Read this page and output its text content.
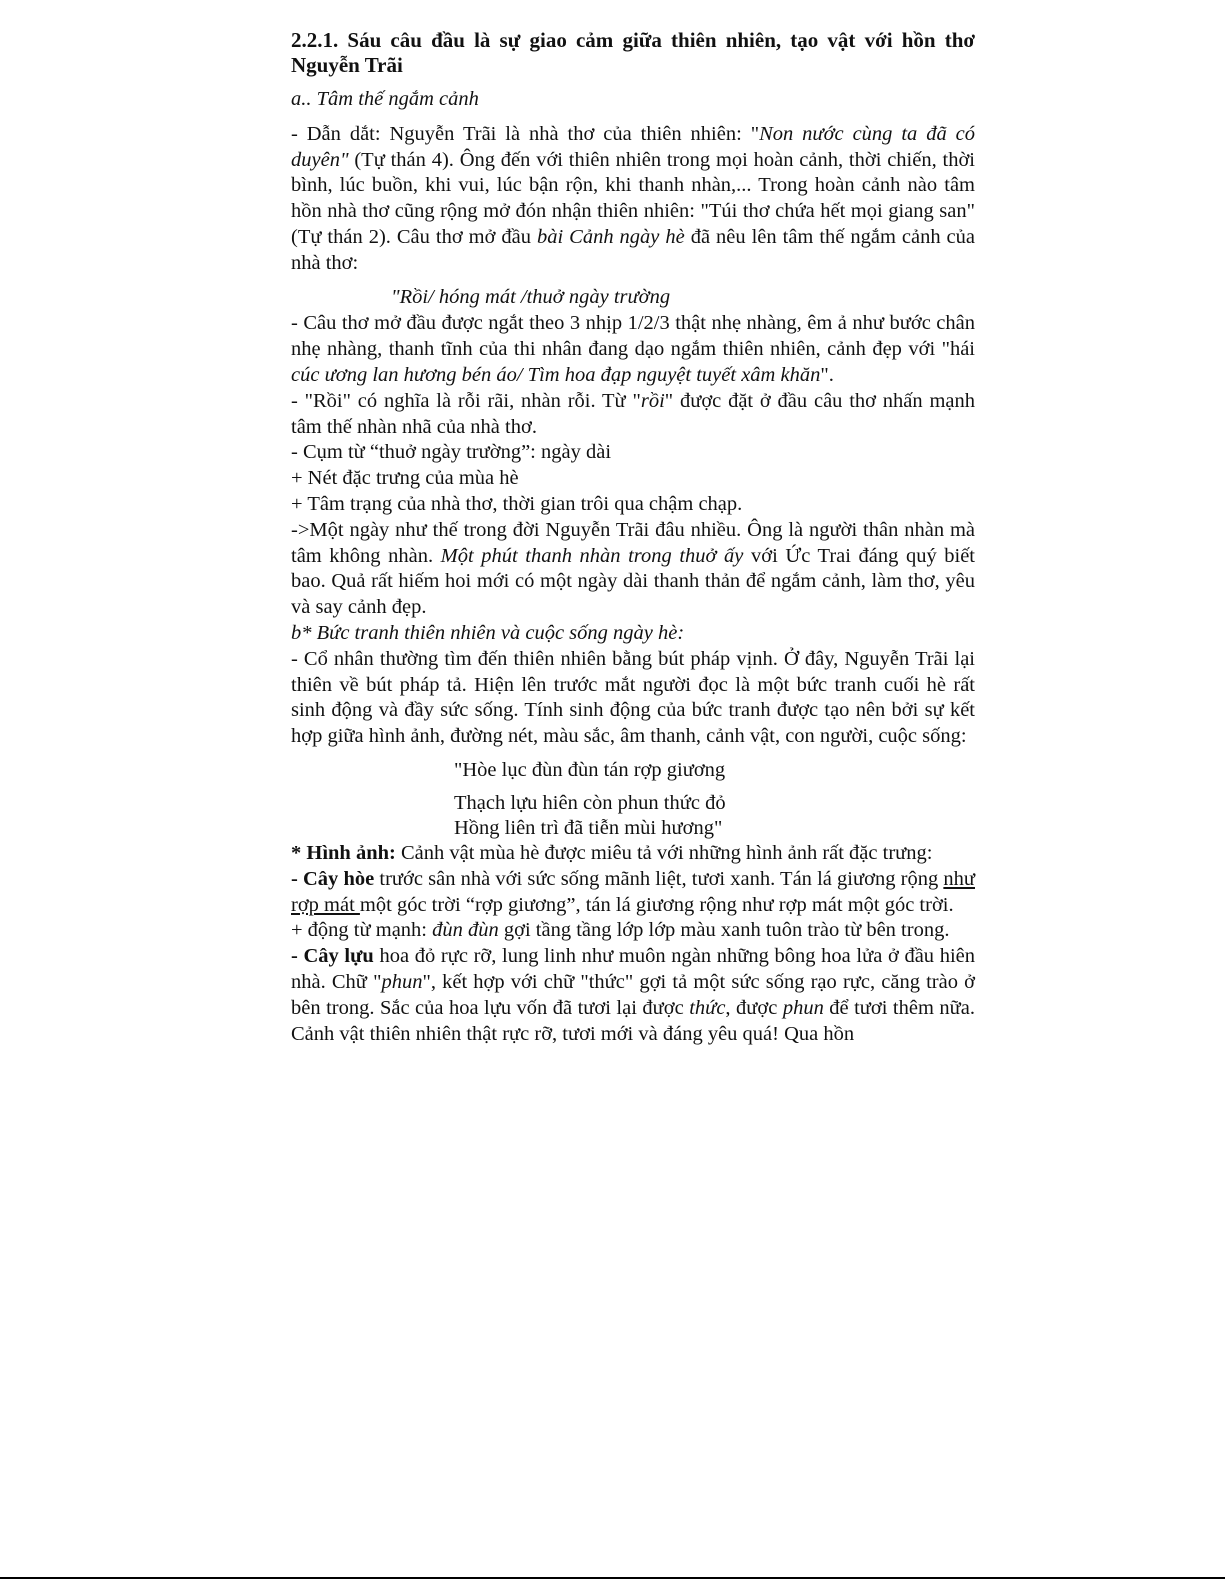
2.2.1. Sáu câu đầu là sự giao cảm giữa thiên nhiên, tạo vật với hồn thơ Nguyễn Trãi

a.. Tâm thế ngắm cảnh

- Dẫn dắt: Nguyễn Trãi là nhà thơ của thiên nhiên: "Non nước cùng ta đã có duyên" (Tự thán 4). Ông đến với thiên nhiên trong mọi hoàn cảnh, thời chiến, thời bình, lúc buồn, khi vui, lúc bận rộn, khi thanh nhàn,... Trong hoàn cảnh nào tâm hồn nhà thơ cũng rộng mở đón nhận thiên nhiên: "Túi thơ chứa hết mọi giang san" (Tự thán 2). Câu thơ mở đầu bài Cảnh ngày hè đã nêu lên tâm thế ngắm cảnh của nhà thơ:

"Rồi/ hóng mát /thuở ngày trường

- Câu thơ mở đầu được ngắt theo 3 nhịp 1/2/3 thật nhẹ nhàng, êm ả như bước chân nhẹ nhàng, thanh tĩnh của thi nhân đang dạo ngắm thiên nhiên, cảnh đẹp với "hái cúc ương lan hương bén áo/ Tìm hoa đạp nguyệt tuyết xâm khăn".

- "Rồi" có nghĩa là rỗi rãi, nhàn rỗi. Từ "rồi" được đặt ở đầu câu thơ nhấn mạnh tâm thế nhàn nhã của nhà thơ.

- Cụm từ “thuở ngày trường”: ngày dài

+ Nét đặc trưng của mùa hè

+ Tâm trạng của nhà thơ, thời gian trôi qua chậm chạp.

->Một ngày như thế trong đời Nguyễn Trãi đâu nhiều. Ông là người thân nhàn mà tâm không nhàn. Một phút thanh nhàn trong thuở ấy với Ức Trai đáng quý biết bao. Quả rất hiếm hoi mới có một ngày dài thanh thản để ngắm cảnh, làm thơ, yêu và say cảnh đẹp.

b* Bức tranh thiên nhiên và cuộc sống ngày hè:

- Cổ nhân thường tìm đến thiên nhiên bằng bút pháp vịnh. Ở đây, Nguyễn Trãi lại thiên về bút pháp tả. Hiện lên trước mắt người đọc là một bức tranh cuối hè rất sinh động và đầy sức sống. Tính sinh động của bức tranh được tạo nên bởi sự kết hợp giữa hình ảnh, đường nét, màu sắc, âm thanh, cảnh vật, con người, cuộc sống:

"Hòe lục đùn đùn tán rợp giương

Thạch lựu hiên còn phun thức đỏ

Hồng liên trì đã tiễn mùi hương"

* Hình ảnh: Cảnh vật mùa hè được miêu tả với những hình ảnh rất đặc trưng:

- Cây hòe trước sân nhà với sức sống mãnh liệt, tươi xanh. Tán lá giương rộng như rợp mát một góc trời “rợp giương”, tán lá giương rộng như rợp mát một góc trời.

+ động từ mạnh: đùn đùn gợi tầng tầng lớp lớp màu xanh tuôn trào từ bên trong.

- Cây lựu hoa đỏ rực rỡ, lung linh như muôn ngàn những bông hoa lửa ở đầu hiên nhà. Chữ "phun", kết hợp với chữ "thức" gợi tả một sức sống rạo rực, căng trào ở bên trong. Sắc của hoa lựu vốn đã tươi lại được thức, được phun để tươi thêm nữa. Cảnh vật thiên nhiên thật rực rỡ, tươi mới và đáng yêu quá! Qua hồn
